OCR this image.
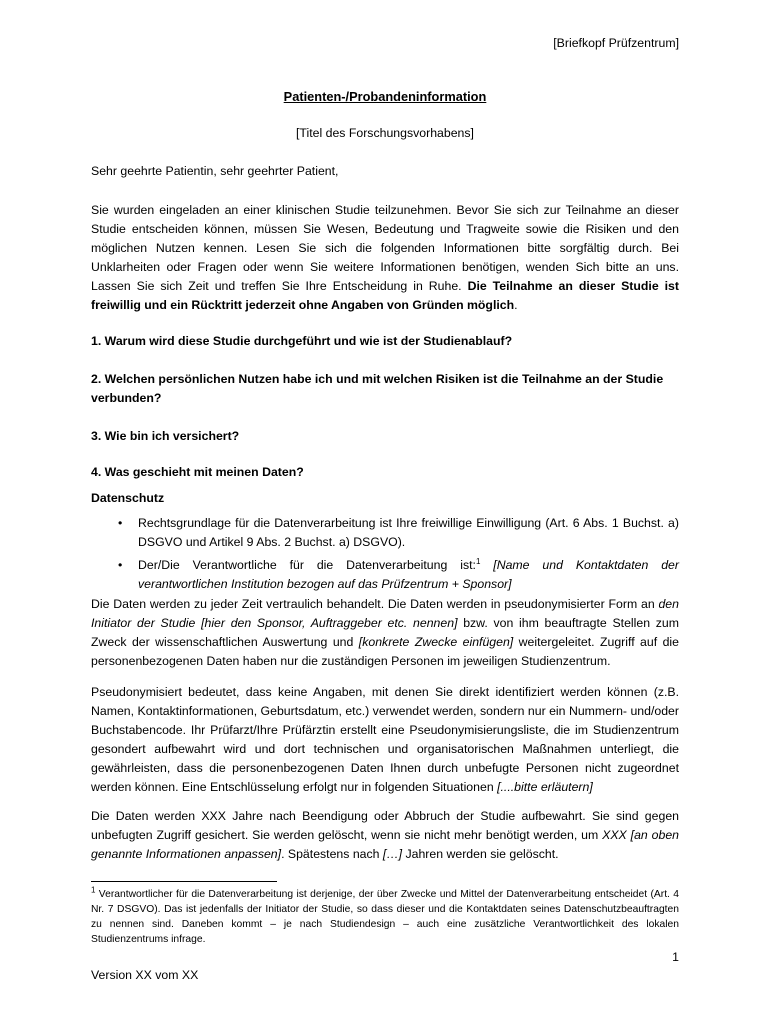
[Briefkopf Prüfzentrum]
Patienten-/Probandeninformation
[Titel des Forschungsvorhabens]
Sehr geehrte Patientin, sehr geehrter Patient,
Sie wurden eingeladen an einer klinischen Studie teilzunehmen. Bevor Sie sich zur Teilnahme an dieser Studie entscheiden können, müssen Sie Wesen, Bedeutung und Tragweite sowie die Risiken und den möglichen Nutzen kennen. Lesen Sie sich die folgenden Informationen bitte sorgfältig durch. Bei Unklarheiten oder Fragen oder wenn Sie weitere Informationen benötigen, wenden Sich bitte an uns. Lassen Sie sich Zeit und treffen Sie Ihre Entscheidung in Ruhe. Die Teilnahme an dieser Studie ist freiwillig und ein Rücktritt jederzeit ohne Angaben von Gründen möglich.
1. Warum wird diese Studie durchgeführt und wie ist der Studienablauf?
2. Welchen persönlichen Nutzen habe ich und mit welchen Risiken ist die Teilnahme an der Studie verbunden?
3. Wie bin ich versichert?
4. Was geschieht mit meinen Daten?
Datenschutz
• Rechtsgrundlage für die Datenverarbeitung ist Ihre freiwillige Einwilligung (Art. 6 Abs. 1 Buchst. a) DSGVO und Artikel 9 Abs. 2 Buchst. a) DSGVO).
• Der/Die Verantwortliche für die Datenverarbeitung ist:$^1$ [Name und Kontaktdaten der verantwortlichen Institution bezogen auf das Prüfzentrum + Sponsor]
Die Daten werden zu jeder Zeit vertraulich behandelt. Die Daten werden in pseudonymisierter Form an den Initiator der Studie [hier den Sponsor, Auftraggeber etc. nennen] bzw. von ihm beauftragte Stellen zum Zweck der wissenschaftlichen Auswertung und [konkrete Zwecke einfügen] weitergeleitet. Zugriff auf die personenbezogenen Daten haben nur die zuständigen Personen im jeweiligen Studienzentrum.
Pseudonymisiert bedeutet, dass keine Angaben, mit denen Sie direkt identifiziert werden können (z.B. Namen, Kontaktinformationen, Geburtsdatum, etc.) verwendet werden, sondern nur ein Nummern- und/oder Buchstabencode. Ihr Prüfarzt/Ihre Prüfärztin erstellt eine Pseudonymisierungsliste, die im Studienzentrum gesondert aufbewahrt wird und dort technischen und organisatorischen Maßnahmen unterliegt, die gewährleisten, dass die personenbezogenen Daten Ihnen durch unbefugte Personen nicht zugeordnet werden können. Eine Entschlüsselung erfolgt nur in folgenden Situationen [....bitte erläutern]
Die Daten werden XXX Jahre nach Beendigung oder Abbruch der Studie aufbewahrt. Sie sind gegen unbefugten Zugriff gesichert. Sie werden gelöscht, wenn sie nicht mehr benötigt werden, um XXX [an oben genannte Informationen anpassen]. Spätestens nach […] Jahren werden sie gelöscht.
$^1$ Verantwortlicher für die Datenverarbeitung ist derjenige, der über Zwecke und Mittel der Datenverarbeitung entscheidet (Art. 4 Nr. 7 DSGVO). Das ist jedenfalls der Initiator der Studie, so dass dieser und die Kontaktdaten seines Datenschutzbeauftragten zu nennen sind. Daneben kommt – je nach Studiendesign – auch eine zusätzliche Verantwortlichkeit des lokalen Studienzentrums infrage.
1
Version XX vom XX
